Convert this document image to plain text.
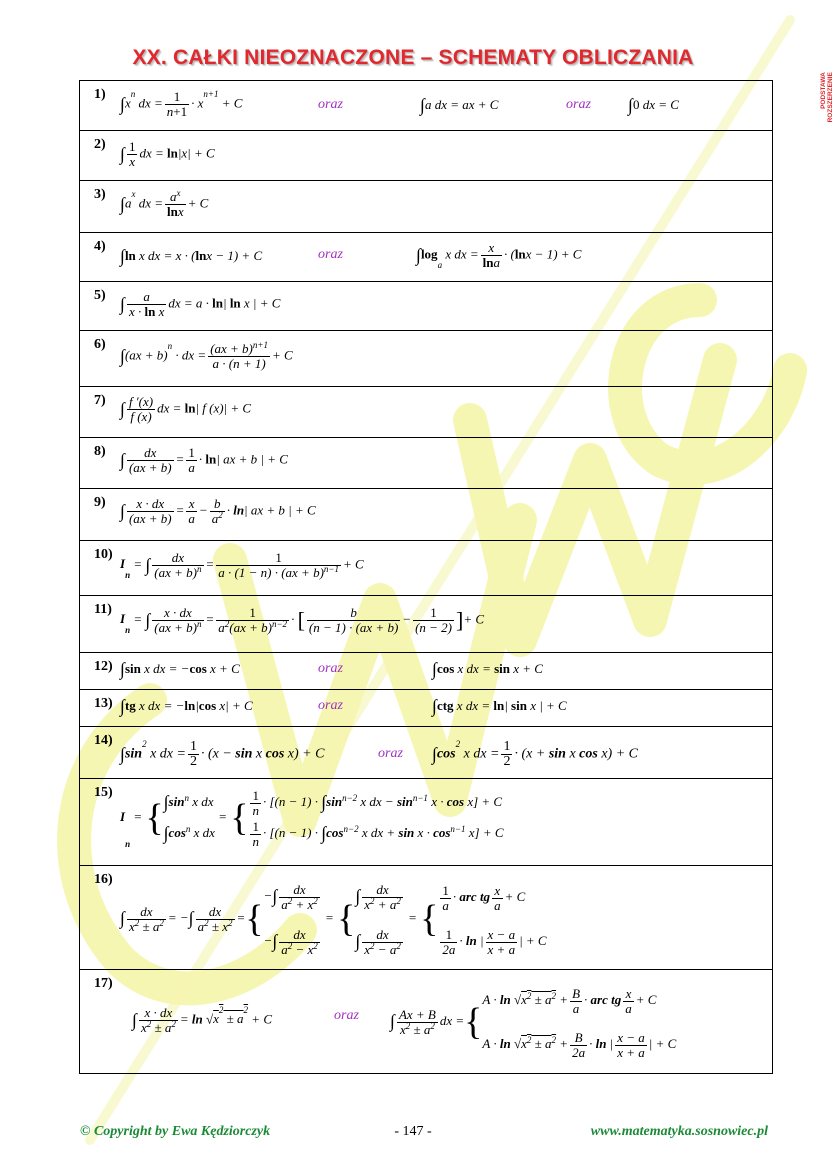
PODSTAWA ROZSZERZENIE
XX. CAŁKI NIEOZNACZONE – SCHEMATY OBLICZANIA
1) $\int x^n$ dx = $\frac{1}{n+1} \cdot x^{n+1} + C$	oraz	∫a dx = ax + C	oraz ∫0 dx = C
2) ∫ $\frac{1}{x}$ dx = ln|x| + C
3) $\int a^x$ dx = $\frac{a^x}{\ln x} + C$
4) ∫ln x dx = x · (lnx − 1) + C	oraz	$\int\log_a$ x dx = $\frac{x}{\ln a} \cdot (\ln x - 1) + C$
5) ∫ $\frac{a}{\text{x · ln x}}$ dx = a · ln| ln x | + C
6)
∫(ax + b)$^n$ · dx = $\frac{(ax + b)^{n+1}}{a \cdot (n + 1)} + C$
7) ∫ $\frac{f '(x)}{f (x)}$ dx = ln| f (x)| + C
8) ∫ $\frac{dx}{(ax + b)} = \frac{1}{a} \cdot \ln|$ ax + b | + C
9) ∫ $\frac{x \cdot dx}{(ax + b)} = \frac{x}{a} - \frac{b}{a^2} \cdot \ln|$ ax + b | + C
10)
$I_n$ = ∫ $\frac{dx}{(ax + b)^n} = \frac{1}{a \cdot (1 - n) \cdot (ax + b)^{n-1}} + C$
11)
$I_n$ = ∫ $\frac{x \cdot dx}{(ax + b)^n} = \frac{1}{a^2(ax + b)^{n-2}}$ · [ $\frac{b}{(n - 1) \cdot (ax + b)} - \frac{1}{(n - 2)}$ ]+ C
12) ∫sin x dx = −cos x + C	oraz	∫cos x dx = sin x + C
13) ∫tg x dx = −ln|cos x| + C	oraz	∫ctg x dx = ln| sin x | + C
14)
$\int\sin^2$ x dx = $\frac{1}{2} \cdot (x - \sin x$ cos x) + C	oraz $\int\cos^2$ x dx = $\frac{1}{2} \cdot (x + \sin x$ cos x) + C
15)
$I_n$ = { $\int\sin^n$ x dx
$\int\cos^n$ x dx
= { $\frac{1}{n} \cdot [(n - 1) \cdot \int\sin^{n-2}$ x dx − $\sin^{n-1} x \cdot \cos x] + C$
$\frac{1}{n} \cdot [(n - 1) \cdot \int\cos^{n-2}$ x dx + $\sin x \cdot \cos^{n-1} x] + C$
16)
∫ $\frac{dx}{x^2 \pm a^2}$ = −∫ $\frac{dx}{a^2 \pm x^2}$ ={
−∫ $\frac{dx}{a^2 + x^2}$
−∫ $\frac{dx}{a^2 - x^2}$
= {
∫ $\frac{dx}{x^2 + a^2}$
∫ $\frac{dx}{x^2 - a^2}$
= { $\frac{1}{a}$ · arc tg $\frac{x}{a} + C$
$\frac{1}{2a} \cdot \ln$ | $\frac{x - a}{x + a}$ | + C
17)
∫ $\frac{x \cdot dx}{x^2 \pm a^2} = \ln √x^2 \pm a^2 + C$	oraz ∫ $\frac{Ax + B}{x^2 \pm a^2}$ dx ={
$A \cdot \ln √x^2 \pm a^2 + \frac{B}{a}$ · arc tg $\frac{x}{a} + C$
$A \cdot \ln √x^2 \pm a^2 + \frac{B}{2a} \cdot \ln$ | $\frac{x - a}{x + a}$ | + C
© Copyright by Ewa Kędziorczyk	- 147 -	www.matematyka.sosnowiec.pl
